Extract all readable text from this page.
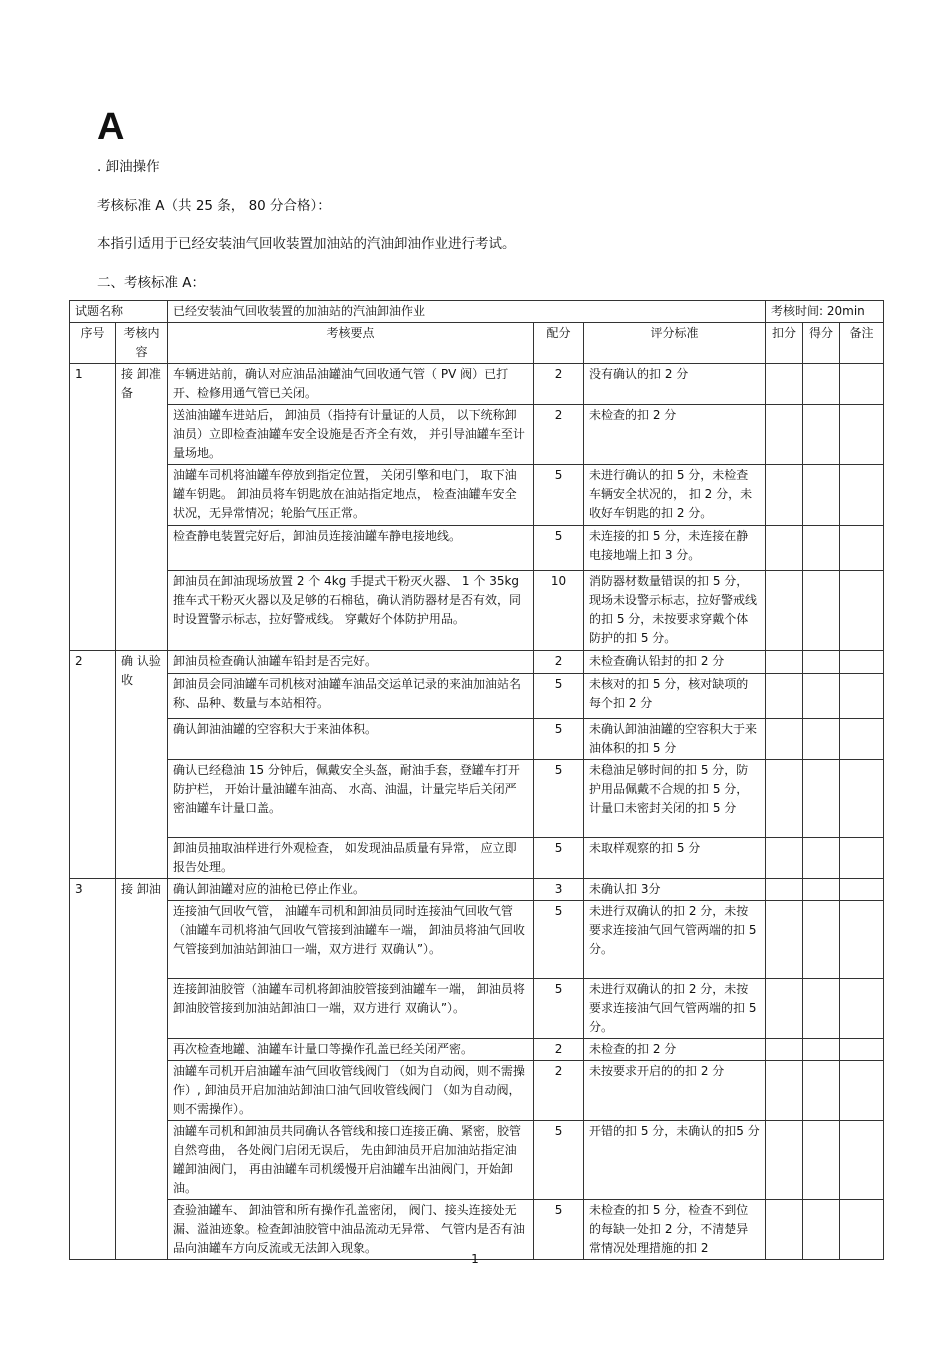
A
. 卸油操作
考核标准 A（共 25 条， 80 分合格）：
本指引适用于已经安装油气回收装置加油站的汽油卸油作业进行考试。
二、考核标准 A：
试题名称		已经安装油气回收装置的加油站的汽油卸油作业			考核时间: 20min		
序号	考核内容	考核要点	配分	评分标准	扣分	得分	备注
1	接 卸准备	车辆进站前，确认对应油品油罐油气回收通气管（ PV 阀）已打开、检修用通气管已关闭。	2	没有确认的扣 2 分			
		送油油罐车进站后， 卸油员（指持有计量证的人员， 以下统称卸油员）立即检查油罐车安全设施是否齐全有效， 并引导油罐车至计量场地。	2	未检查的扣 2 分			
		油罐车司机将油罐车停放到指定位置， 关闭引擎和电门， 取下油罐车钥匙。 卸油员将车钥匙放在油站指定地点， 检查油罐车安全状况，无异常情况；轮胎气压正常。	5	未进行确认的扣 5 分，未检查车辆安全状况的， 扣 2 分，未收好车钥匙的扣 2 分。			
		检查静电装置完好后，卸油员连接油罐车静电接地线。	5	未连接的扣 5 分，未连接在静电接地端上扣 3 分。			
		卸油员在卸油现场放置 2 个 4kg 手提式干粉灭火器、 1 个 35kg 推车式干粉灭火器以及足够的石棉毡，确认消防器材是否有效，同时设置警示标志，拉好警戒线。 穿戴好个体防护用品。	10	消防器材数量错误的扣 5 分，现场未设警示标志，拉好警戒线的扣 5 分，未按要求穿戴个体防护的扣 5 分。			
2	确 认验收	卸油员检查确认油罐车铅封是否完好。	2	未检查确认铅封的扣 2 分			
		卸油员会同油罐车司机核对油罐车油品交运单记录的来油加油站名称、品种、数量与本站相符。	5	未核对的扣 5 分，核对缺项的每个扣 2 分			
		确认卸油油罐的空容积大于来油体积。	5	未确认卸油油罐的空容积大于来油体积的扣 5 分			
		确认已经稳油 15 分钟后，佩戴安全头盔，耐油手套，登罐车打开防护栏， 开始计量油罐车油高、 水高、油温，计量完毕后关闭严密油罐车计量口盖。	5	未稳油足够时间的扣 5 分，防护用品佩戴不合规的扣 5 分，计量口未密封关闭的扣 5 分			
		卸油员抽取油样进行外观检查， 如发现油品质量有异常， 应立即报告处理。	5	未取样观察的扣 5 分			
3	接 卸油	确认卸油罐对应的油枪已停止作业。	3	未确认扣 3分			
		连接油气回收气管， 油罐车司机和卸油员同时连接油气回收气管（油罐车司机将油气回收气管接到油罐车一端， 卸油员将油气回收气管接到加油站卸油口一端，双方进行 双确认”）。	5	未进行双确认的扣 2 分，未按要求连接油气回气管两端的扣 5 分。			
		连接卸油胶管（油罐车司机将卸油胶管接到油罐车一端， 卸油员将卸油胶管接到加油站卸油口一端，双方进行 双确认”）。	5	未进行双确认的扣 2 分，未按要求连接油气回气管两端的扣 5 分。			
		再次检查地罐、油罐车计量口等操作孔盖已经关闭严密。	2	未检查的扣 2 分			
		油罐车司机开启油罐车油气回收管线阀门 （如为自动阀，则不需操作）, 卸油员开启加油站卸油口油气回收管线阀门 （如为自动阀，则不需操作）。	2	未按要求开启的的扣 2 分			
		油罐车司机和卸油员共同确认各管线和接口连接正确、紧密，胶管自然弯曲， 各处阀门启闭无误后， 先由卸油员开启加油站指定油罐卸油阀门， 再由油罐车司机缓慢开启油罐车出油阀门，开始卸油。	5	开错的扣 5 分，未确认的扣5 分			
		查验油罐车、 卸油管和所有操作孔盖密闭， 阀门、接头连接处无漏、溢油迹象。检查卸油胶管中油品流动无异常、 气管内是否有油品向油罐车方向反流或无法卸入现象。	5	未检查的扣 5 分，检查不到位的每缺一处扣 2 分，不清楚异常情况处理措施的扣 2			
1
